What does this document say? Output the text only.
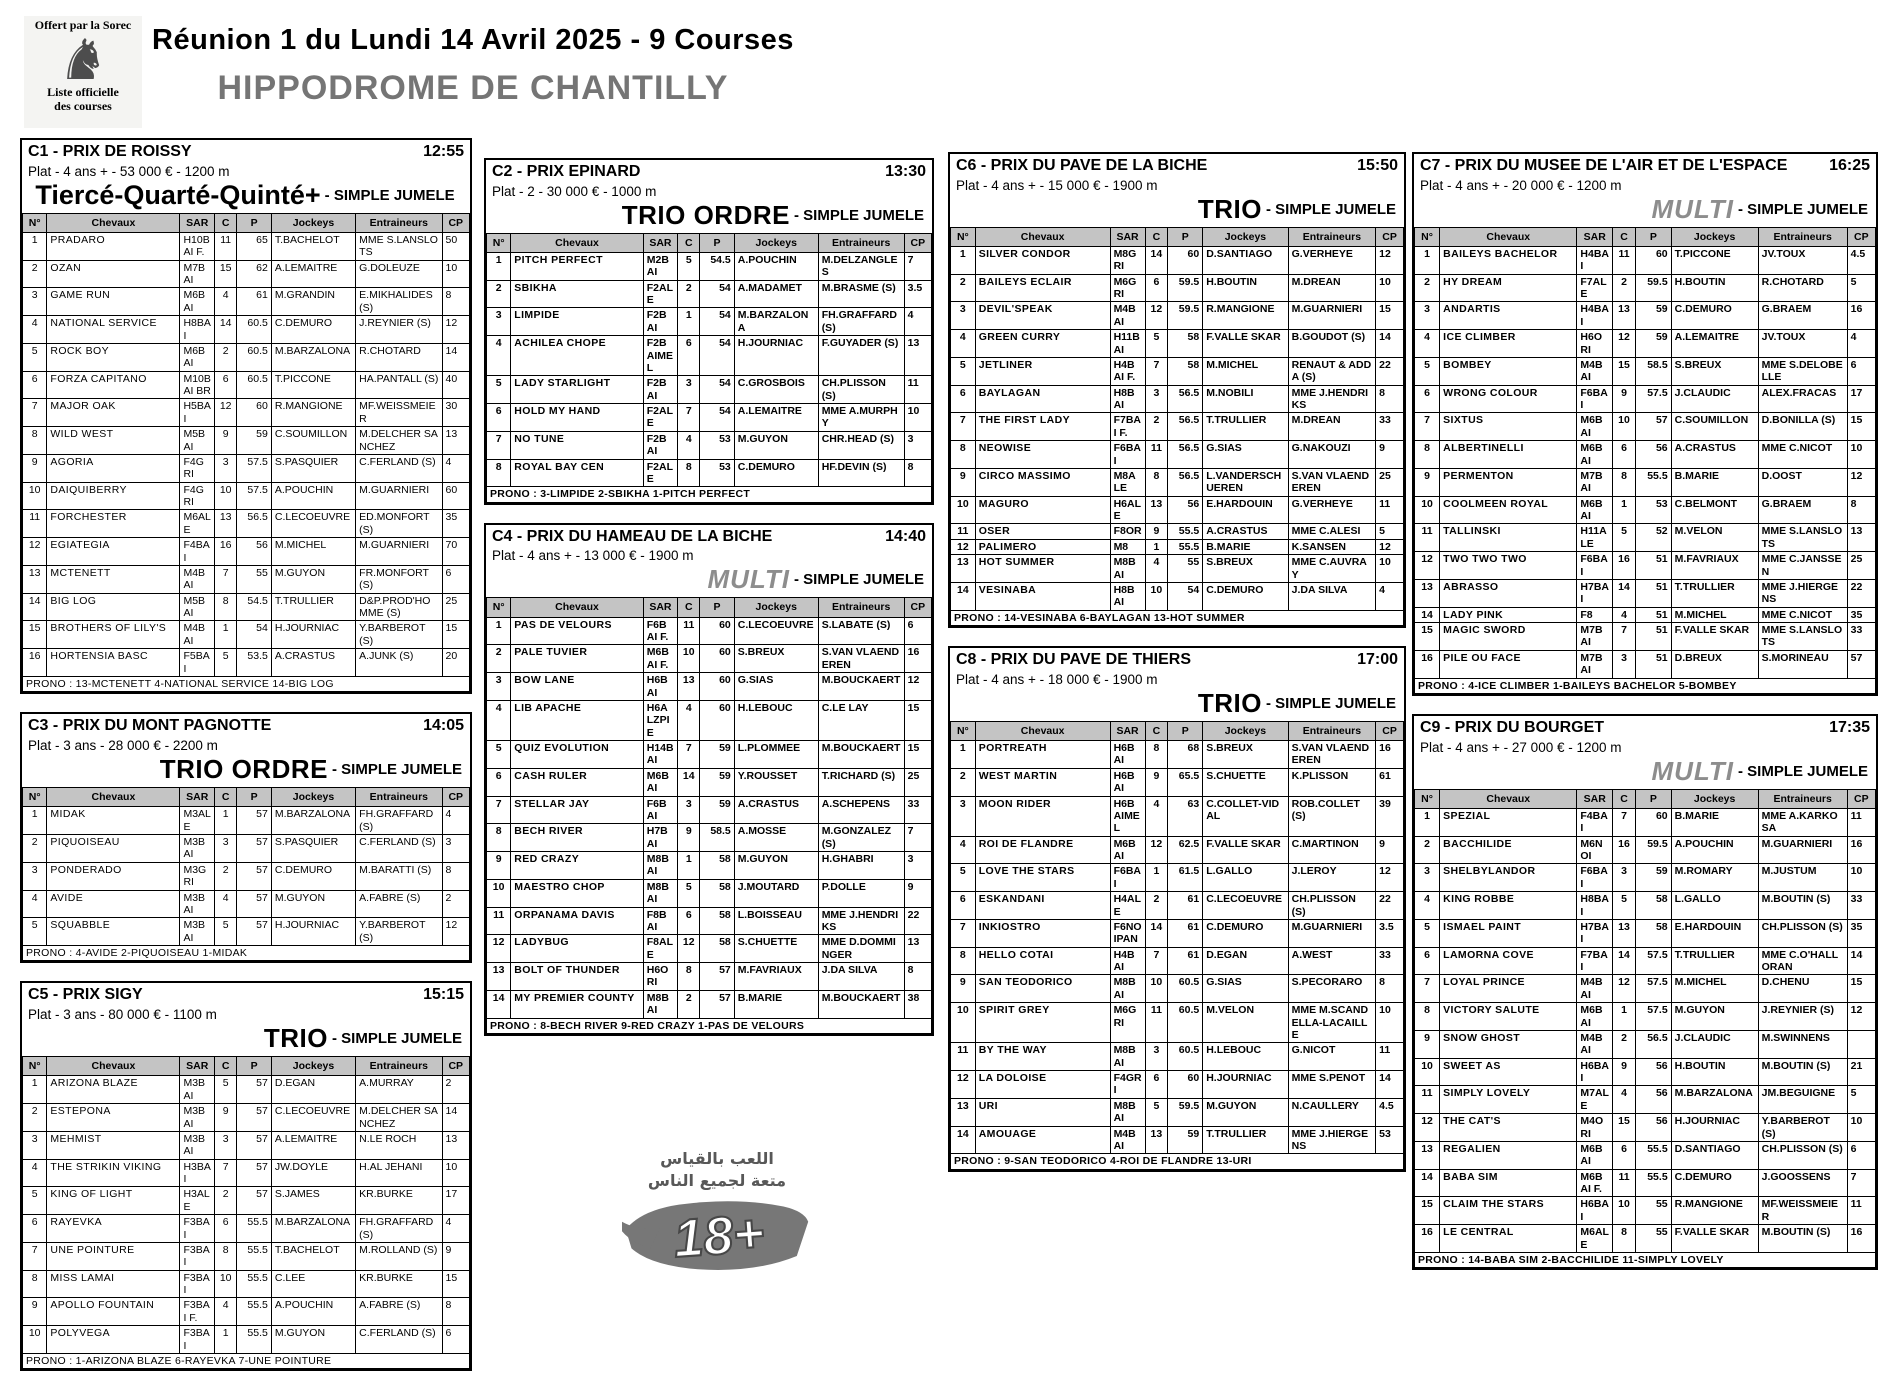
Offert par la Sorec
♞
Liste officielle
des courses
Réunion 1 du Lundi 14 Avril 2025 - 9 Courses
HIPPODROME DE CHANTILLY
C1 - PRIX DE ROISSY	12:55
Plat - 4 ans + - 53 000 € - 1200 m
Tiercé-Quarté-Quinté+ - SIMPLE JUMELE
N°	Chevaux	SAR	C	P	Jockeys	Entraineurs	CP
1	PRADARO	H10BAI F.	11	65	T.BACHELOT	MME S.LANSLOTS	50
2	OZAN	M7BAI	15	62	A.LEMAITRE	G.DOLEUZE	10
3	GAME RUN	M6BAI	4	61	M.GRANDIN	E.MIKHALIDES (S)	8
4	NATIONAL SERVICE	H8BAI	14	60.5	C.DEMURO	J.REYNIER (S)	12
5	ROCK BOY	M6BAI	2	60.5	M.BARZALONA	R.CHOTARD	14
6	FORZA CAPITANO	M10BAI BR	6	60.5	T.PICCONE	HA.PANTALL (S)	40
7	MAJOR OAK	H5BAI	12	60	R.MANGIONE	MF.WEISSMEIER	30
8	WILD WEST	M5BAI	9	59	C.SOUMILLON	M.DELCHER SANCHEZ	13
9	AGORIA	F4GRI	3	57.5	S.PASQUIER	C.FERLAND (S)	4
10	DAIQUIBERRY	F4GRI	10	57.5	A.POUCHIN	M.GUARNIERI	60
11	FORCHESTER	M6ALE	13	56.5	C.LECOEUVRE	ED.MONFORT (S)	35
12	EGIATEGIA	F4BAI	16	56	M.MICHEL	M.GUARNIERI	70
13	MCTENETT	M4BAI	7	55	M.GUYON	FR.MONFORT (S)	6
14	BIG LOG	M5BAI	8	54.5	T.TRULLIER	D&P.PROD'HOMME (S)	25
15	BROTHERS OF LILY'S	M4BAI	1	54	H.JOURNIAC	Y.BARBEROT (S)	15
16	HORTENSIA BASC	F5BAI	5	53.5	A.CRASTUS	A.JUNK (S)	20
PRONO : 13-MCTENETT 4-NATIONAL SERVICE 14-BIG LOG							
C3 - PRIX DU MONT PAGNOTTE	14:05
Plat - 3 ans - 28 000 € - 2200 m
TRIO ORDRE - SIMPLE JUMELE
N°	Chevaux	SAR	C	P	Jockeys	Entraineurs	CP
1	MIDAK	M3ALE	1	57	M.BARZALONA	FH.GRAFFARD (S)	4
2	PIQUOISEAU	M3BAI	3	57	S.PASQUIER	C.FERLAND (S)	3
3	PONDERADO	M3GRI	2	57	C.DEMURO	M.BARATTI (S)	8
4	AVIDE	M3BAI	4	57	M.GUYON	A.FABRE (S)	2
5	SQUABBLE	M3BAI	5	57	H.JOURNIAC	Y.BARBEROT (S)	12
PRONO : 4-AVIDE 2-PIQUOISEAU 1-MIDAK							
C5 - PRIX SIGY	15:15
Plat - 3 ans - 80 000 € - 1100 m
TRIO - SIMPLE JUMELE
N°	Chevaux	SAR	C	P	Jockeys	Entraineurs	CP
1	ARIZONA BLAZE	M3BAI	5	57	D.EGAN	A.MURRAY	2
2	ESTEPONA	M3BAI	9	57	C.LECOEUVRE	M.DELCHER SANCHEZ	14
3	MEHMIST	M3BAI	3	57	A.LEMAITRE	N.LE ROCH	13
4	THE STRIKIN VIKING	H3BAI	7	57	JW.DOYLE	H.AL JEHANI	10
5	KING OF LIGHT	H3ALE	2	57	S.JAMES	KR.BURKE	17
6	RAYEVKA	F3BAI	6	55.5	M.BARZALONA	FH.GRAFFARD (S)	4
7	UNE POINTURE	F3BAI	8	55.5	T.BACHELOT	M.ROLLAND (S)	9
8	MISS LAMAI	F3BAI	10	55.5	C.LEE	KR.BURKE	15
9	APOLLO FOUNTAIN	F3BAI F.	4	55.5	A.POUCHIN	A.FABRE (S)	8
10	POLYVEGA	F3BAI	1	55.5	M.GUYON	C.FERLAND (S)	6
PRONO : 1-ARIZONA BLAZE 6-RAYEVKA 7-UNE POINTURE							
C2 - PRIX EPINARD	13:30
Plat - 2 - 30 000 € - 1000 m
TRIO ORDRE - SIMPLE JUMELE
N°	Chevaux	SAR	C	P	Jockeys	Entraineurs	CP
1	PITCH PERFECT	M2BAI	5	54.5	A.POUCHIN	M.DELZANGLES	7
2	SBIKHA	F2ALE	2	54	A.MADAMET	M.BRASME (S)	3.5
3	LIMPIDE	F2BAI	1	54	M.BARZALONA	FH.GRAFFARD (S)	4
4	ACHILEA CHOPE	F2BAIMEL	6	54	H.JOURNIAC	F.GUYADER (S)	13
5	LADY STARLIGHT	F2BAI	3	54	C.GROSBOIS	CH.PLISSON (S)	11
6	HOLD MY HAND	F2ALE	7	54	A.LEMAITRE	MME A.MURPHY	10
7	NO TUNE	F2BAI	4	53	M.GUYON	CHR.HEAD (S)	3
8	ROYAL BAY CEN	F2ALE	8	53	C.DEMURO	HF.DEVIN (S)	8
PRONO : 3-LIMPIDE 2-SBIKHA 1-PITCH PERFECT							
C4 - PRIX DU HAMEAU DE LA BICHE	14:40
Plat - 4 ans + - 13 000 € - 1900 m
MULTI - SIMPLE JUMELE
N°	Chevaux	SAR	C	P	Jockeys	Entraineurs	CP
1	PAS DE VELOURS	F6BAI F.	11	60	C.LECOEUVRE	S.LABATE (S)	6
2	PALE TUVIER	M6BAI F.	10	60	S.BREUX	S.VAN VLAENDEREN	16
3	BOW LANE	H6BAI	13	60	G.SIAS	M.BOUCKAERT	12
4	LIB APACHE	H6ALZPIE	4	60	H.LEBOUC	C.LE LAY	15
5	QUIZ EVOLUTION	H14BAI	7	59	L.PLOMMEE	M.BOUCKAERT	15
6	CASH RULER	M6BAI	14	59	Y.ROUSSET	T.RICHARD (S)	25
7	STELLAR JAY	F6BAI	3	59	A.CRASTUS	A.SCHEPENS	33
8	BECH RIVER	H7BAI	9	58.5	A.MOSSE	M.GONZALEZ (S)	7
9	RED CRAZY	M8BAI	1	58	M.GUYON	H.GHABRI	3
10	MAESTRO CHOP	M8BAI	5	58	J.MOUTARD	P.DOLLE	9
11	ORPANAMA DAVIS	F8BAI	6	58	L.BOISSEAU	MME J.HENDRIKS	22
12	LADYBUG	F8ALE	12	58	S.CHUETTE	MME D.DOMMINGER	13
13	BOLT OF THUNDER	H6ORI	8	57	M.FAVRIAUX	J.DA SILVA	8
14	MY PREMIER COUNTY	M8BAI	2	57	B.MARIE	M.BOUCKAERT	38
PRONO : 8-BECH RIVER 9-RED CRAZY 1-PAS DE VELOURS							
C6 - PRIX DU PAVE DE LA BICHE	15:50
Plat - 4 ans + - 15 000 € - 1900 m
TRIO - SIMPLE JUMELE
N°	Chevaux	SAR	C	P	Jockeys	Entraineurs	CP
1	SILVER CONDOR	M8GRI	14	60	D.SANTIAGO	G.VERHEYE	12
2	BAILEYS ECLAIR	M6GRI	6	59.5	H.BOUTIN	M.DREAN	10
3	DEVIL'SPEAK	M4BAI	12	59.5	R.MANGIONE	M.GUARNIERI	15
4	GREEN CURRY	H11BAI	5	58	F.VALLE SKAR	B.GOUDOT (S)	14
5	JETLINER	H4BAI F.	7	58	M.MICHEL	RENAUT & ADDA (S)	22
6	BAYLAGAN	H8BAI	3	56.5	M.NOBILI	MME J.HENDRIKS	8
7	THE FIRST LADY	F7BAI F.	2	56.5	T.TRULLIER	M.DREAN	33
8	NEOWISE	F6BAI	11	56.5	G.SIAS	G.NAKOUZI	9
9	CIRCO MASSIMO	M8ALE	8	56.5	L.VANDERSCHUEREN	S.VAN VLAENDEREN	25
10	MAGURO	H6ALE	13	56	E.HARDOUIN	G.VERHEYE	11
11	OSER	F8OR	9	55.5	A.CRASTUS	MME C.ALESI	5
12	PALIMERO	M8	1	55.5	B.MARIE	K.SANSEN	12
13	HOT SUMMER	M8BAI	4	55	S.BREUX	MME C.AUVRAY	10
14	VESINABA	H8BAI	10	54	C.DEMURO	J.DA SILVA	4
PRONO : 14-VESINABA 6-BAYLAGAN 13-HOT SUMMER							
C8 - PRIX DU PAVE DE THIERS	17:00
Plat - 4 ans + - 18 000 € - 1900 m
TRIO - SIMPLE JUMELE
N°	Chevaux	SAR	C	P	Jockeys	Entraineurs	CP
1	PORTREATH	H6BAI	8	68	S.BREUX	S.VAN VLAENDEREN	16
2	WEST MARTIN	H6BAI	9	65.5	S.CHUETTE	K.PLISSON	61
3	MOON RIDER	H6BAIMEL	4	63	C.COLLET-VIDAL	ROB.COLLET (S)	39
4	ROI DE FLANDRE	M6BAI	12	62.5	F.VALLE SKAR	C.MARTINON	9
5	LOVE THE STARS	F6BAI	1	61.5	L.GALLO	J.LEROY	12
6	ESKANDANI	H4ALE	2	61	C.LECOEUVRE	CH.PLISSON (S)	22
7	INKIOSTRO	F6NOIPAN	14	61	C.DEMURO	M.GUARNIERI	3.5
8	HELLO COTAI	H4BAI	7	61	D.EGAN	A.WEST	33
9	SAN TEODORICO	M8BAI	10	60.5	G.SIAS	S.PECORARO	8
10	SPIRIT GREY	M6GRI	11	60.5	M.VELON	MME M.SCANDELLA-LACAILLE	10
11	BY THE WAY	M8BAI	3	60.5	H.LEBOUC	G.NICOT	11
12	LA DOLOISE	F4GRI	6	60	H.JOURNIAC	MME S.PENOT	14
13	URI	M8BAI	5	59.5	M.GUYON	N.CAULLERY	4.5
14	AMOUAGE	M4BAI	13	59	T.TRULLIER	MME J.HIERGENS	53
PRONO : 9-SAN TEODORICO 4-ROI DE FLANDRE 13-URI							
C7 - PRIX DU MUSEE DE L'AIR ET DE L'ESPACE	16:25
Plat - 4 ans + - 20 000 € - 1200 m
MULTI - SIMPLE JUMELE
N°	Chevaux	SAR	C	P	Jockeys	Entraineurs	CP
1	BAILEYS BACHELOR	H4BAI	11	60	T.PICCONE	JV.TOUX	4.5
2	HY DREAM	F7ALE	2	59.5	H.BOUTIN	R.CHOTARD	5
3	ANDARTIS	H4BAI	13	59	C.DEMURO	G.BRAEM	16
4	ICE CLIMBER	H6ORI	12	59	A.LEMAITRE	JV.TOUX	4
5	BOMBEY	M4BAI	15	58.5	S.BREUX	MME S.DELOBELLE	6
6	WRONG COLOUR	F6BAI	9	57.5	J.CLAUDIC	ALEX.FRACAS	17
7	SIXTUS	M6BAI	10	57	C.SOUMILLON	D.BONILLA (S)	15
8	ALBERTINELLI	M6BAI	6	56	A.CRASTUS	MME C.NICOT	10
9	PERMENTON	M7BAI	8	55.5	B.MARIE	D.OOST	12
10	COOLMEEN ROYAL	M6BAI	1	53	C.BELMONT	G.BRAEM	8
11	TALLINSKI	H11ALE	5	52	M.VELON	MME S.LANSLOTS	13
12	TWO TWO TWO	F6BAI	16	51	M.FAVRIAUX	MME C.JANSSEN	25
13	ABRASSO	H7BAI	14	51	T.TRULLIER	MME J.HIERGENS	22
14	LADY PINK	F8	4	51	M.MICHEL	MME C.NICOT	35
15	MAGIC SWORD	M7BAI	7	51	F.VALLE SKAR	MME S.LANSLOTS	33
16	PILE OU FACE	M7BAI	3	51	D.BREUX	S.MORINEAU	57
PRONO : 4-ICE CLIMBER 1-BAILEYS BACHELOR 5-BOMBEY							
C9 - PRIX DU BOURGET	17:35
Plat - 4 ans + - 27 000 € - 1200 m
MULTI - SIMPLE JUMELE
N°	Chevaux	SAR	C	P	Jockeys	Entraineurs	CP
1	SPEZIAL	F4BAI	7	60	B.MARIE	MME A.KARKOSA	11
2	BACCHILIDE	M6NOI	16	59.5	A.POUCHIN	M.GUARNIERI	16
3	SHELBYLANDOR	F6BAI	3	59	M.ROMARY	M.JUSTUM	10
4	KING ROBBE	H8BAI	5	58	L.GALLO	M.BOUTIN (S)	33
5	ISMAEL PAINT	H7BAI	13	58	E.HARDOUIN	CH.PLISSON (S)	35
6	LAMORNA COVE	F7BAI	14	57.5	T.TRULLIER	MME C.O'HALLORAN	14
7	LOYAL PRINCE	M4BAI	12	57.5	M.MICHEL	D.CHENU	15
8	VICTORY SALUTE	M6BAI	1	57.5	M.GUYON	J.REYNIER (S)	12
9	SNOW GHOST	M4BAI	2	56.5	J.CLAUDIC	M.SWINNENS	
10	SWEET AS	H6BAI	9	56	H.BOUTIN	M.BOUTIN (S)	21
11	SIMPLY LOVELY	M7ALE	4	56	M.BARZALONA	JM.BEGUIGNE	5
12	THE CAT'S	M4ORI	15	56	H.JOURNIAC	Y.BARBEROT (S)	10
13	REGALIEN	M6BAI	6	55.5	D.SANTIAGO	CH.PLISSON (S)	6
14	BABA SIM	M6BAI F.	11	55.5	C.DEMURO	J.GOOSSENS	7
15	CLAIM THE STARS	H6BAI	10	55	R.MANGIONE	MF.WEISSMEIER	11
16	LE CENTRAL	M6ALE	8	55	F.VALLE SKAR	M.BOUTIN (S)	16
PRONO : 14-BABA SIM 2-BACCHILIDE 11-SIMPLY LOVELY							
اللعب بالقياس
متعة لجميع الناس
18+
